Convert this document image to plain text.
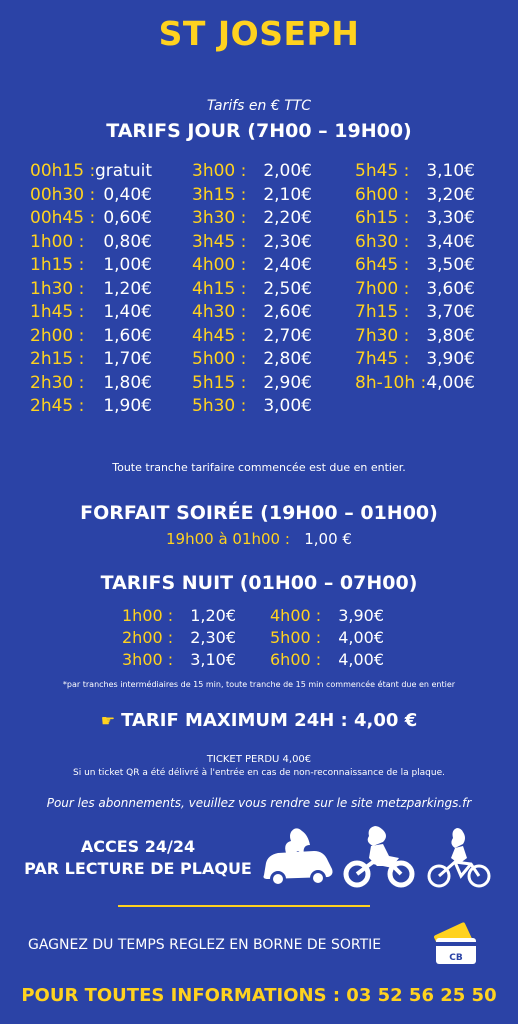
ST JOSEPH
Tarifs en € TTC
TARIFS JOUR (7H00 – 19H00)
00h15 :gratuit
00h30 : 0,40€
00h45 : 0,60€
1h00 : 0,80€
1h15 : 1,00€
1h30 : 1,20€
1h45 : 1,40€
2h00 : 1,60€
2h15 : 1,70€
2h30 : 1,80€
2h45 : 1,90€
3h00 : 2,00€
3h15 : 2,10€
3h30 : 2,20€
3h45 : 2,30€
4h00 : 2,40€
4h15 : 2,50€
4h30 : 2,60€
4h45 : 2,70€
5h00 : 2,80€
5h15 : 2,90€
5h30 : 3,00€
5h45 : 3,10€
6h00 : 3,20€
6h15 : 3,30€
6h30 : 3,40€
6h45 : 3,50€
7h00 : 3,60€
7h15 : 3,70€
7h30 : 3,80€
7h45 : 3,90€
8h-10h :4,00€
Toute tranche tarifaire commencée est due en entier.
FORFAIT SOIRÉE (19H00 – 01H00)
19h00 à 01h00 : 1,00 €
TARIFS NUIT (01H00 – 07H00)
1h00 : 1,20€
2h00 : 2,30€
3h00 : 3,10€
4h00 : 3,90€
5h00 : 4,00€
6h00 : 4,00€
*par tranches intermédiaires de 15 min, toute tranche de 15 min commencée étant due en entier
☛ TARIF MAXIMUM 24H : 4,00 €
TICKET PERDU 4,00€
Si un ticket QR a été délivré à l'entrée en cas de non-reconnaissance de la plaque.
Pour les abonnements, veuillez vous rendre sur le site metzparkings.fr
ACCES 24/24
PAR LECTURE DE PLAQUE
GAGNEZ DU TEMPS REGLEZ EN BORNE DE SORTIE
CB
POUR TOUTES INFORMATIONS : 03 52 56 25 50
